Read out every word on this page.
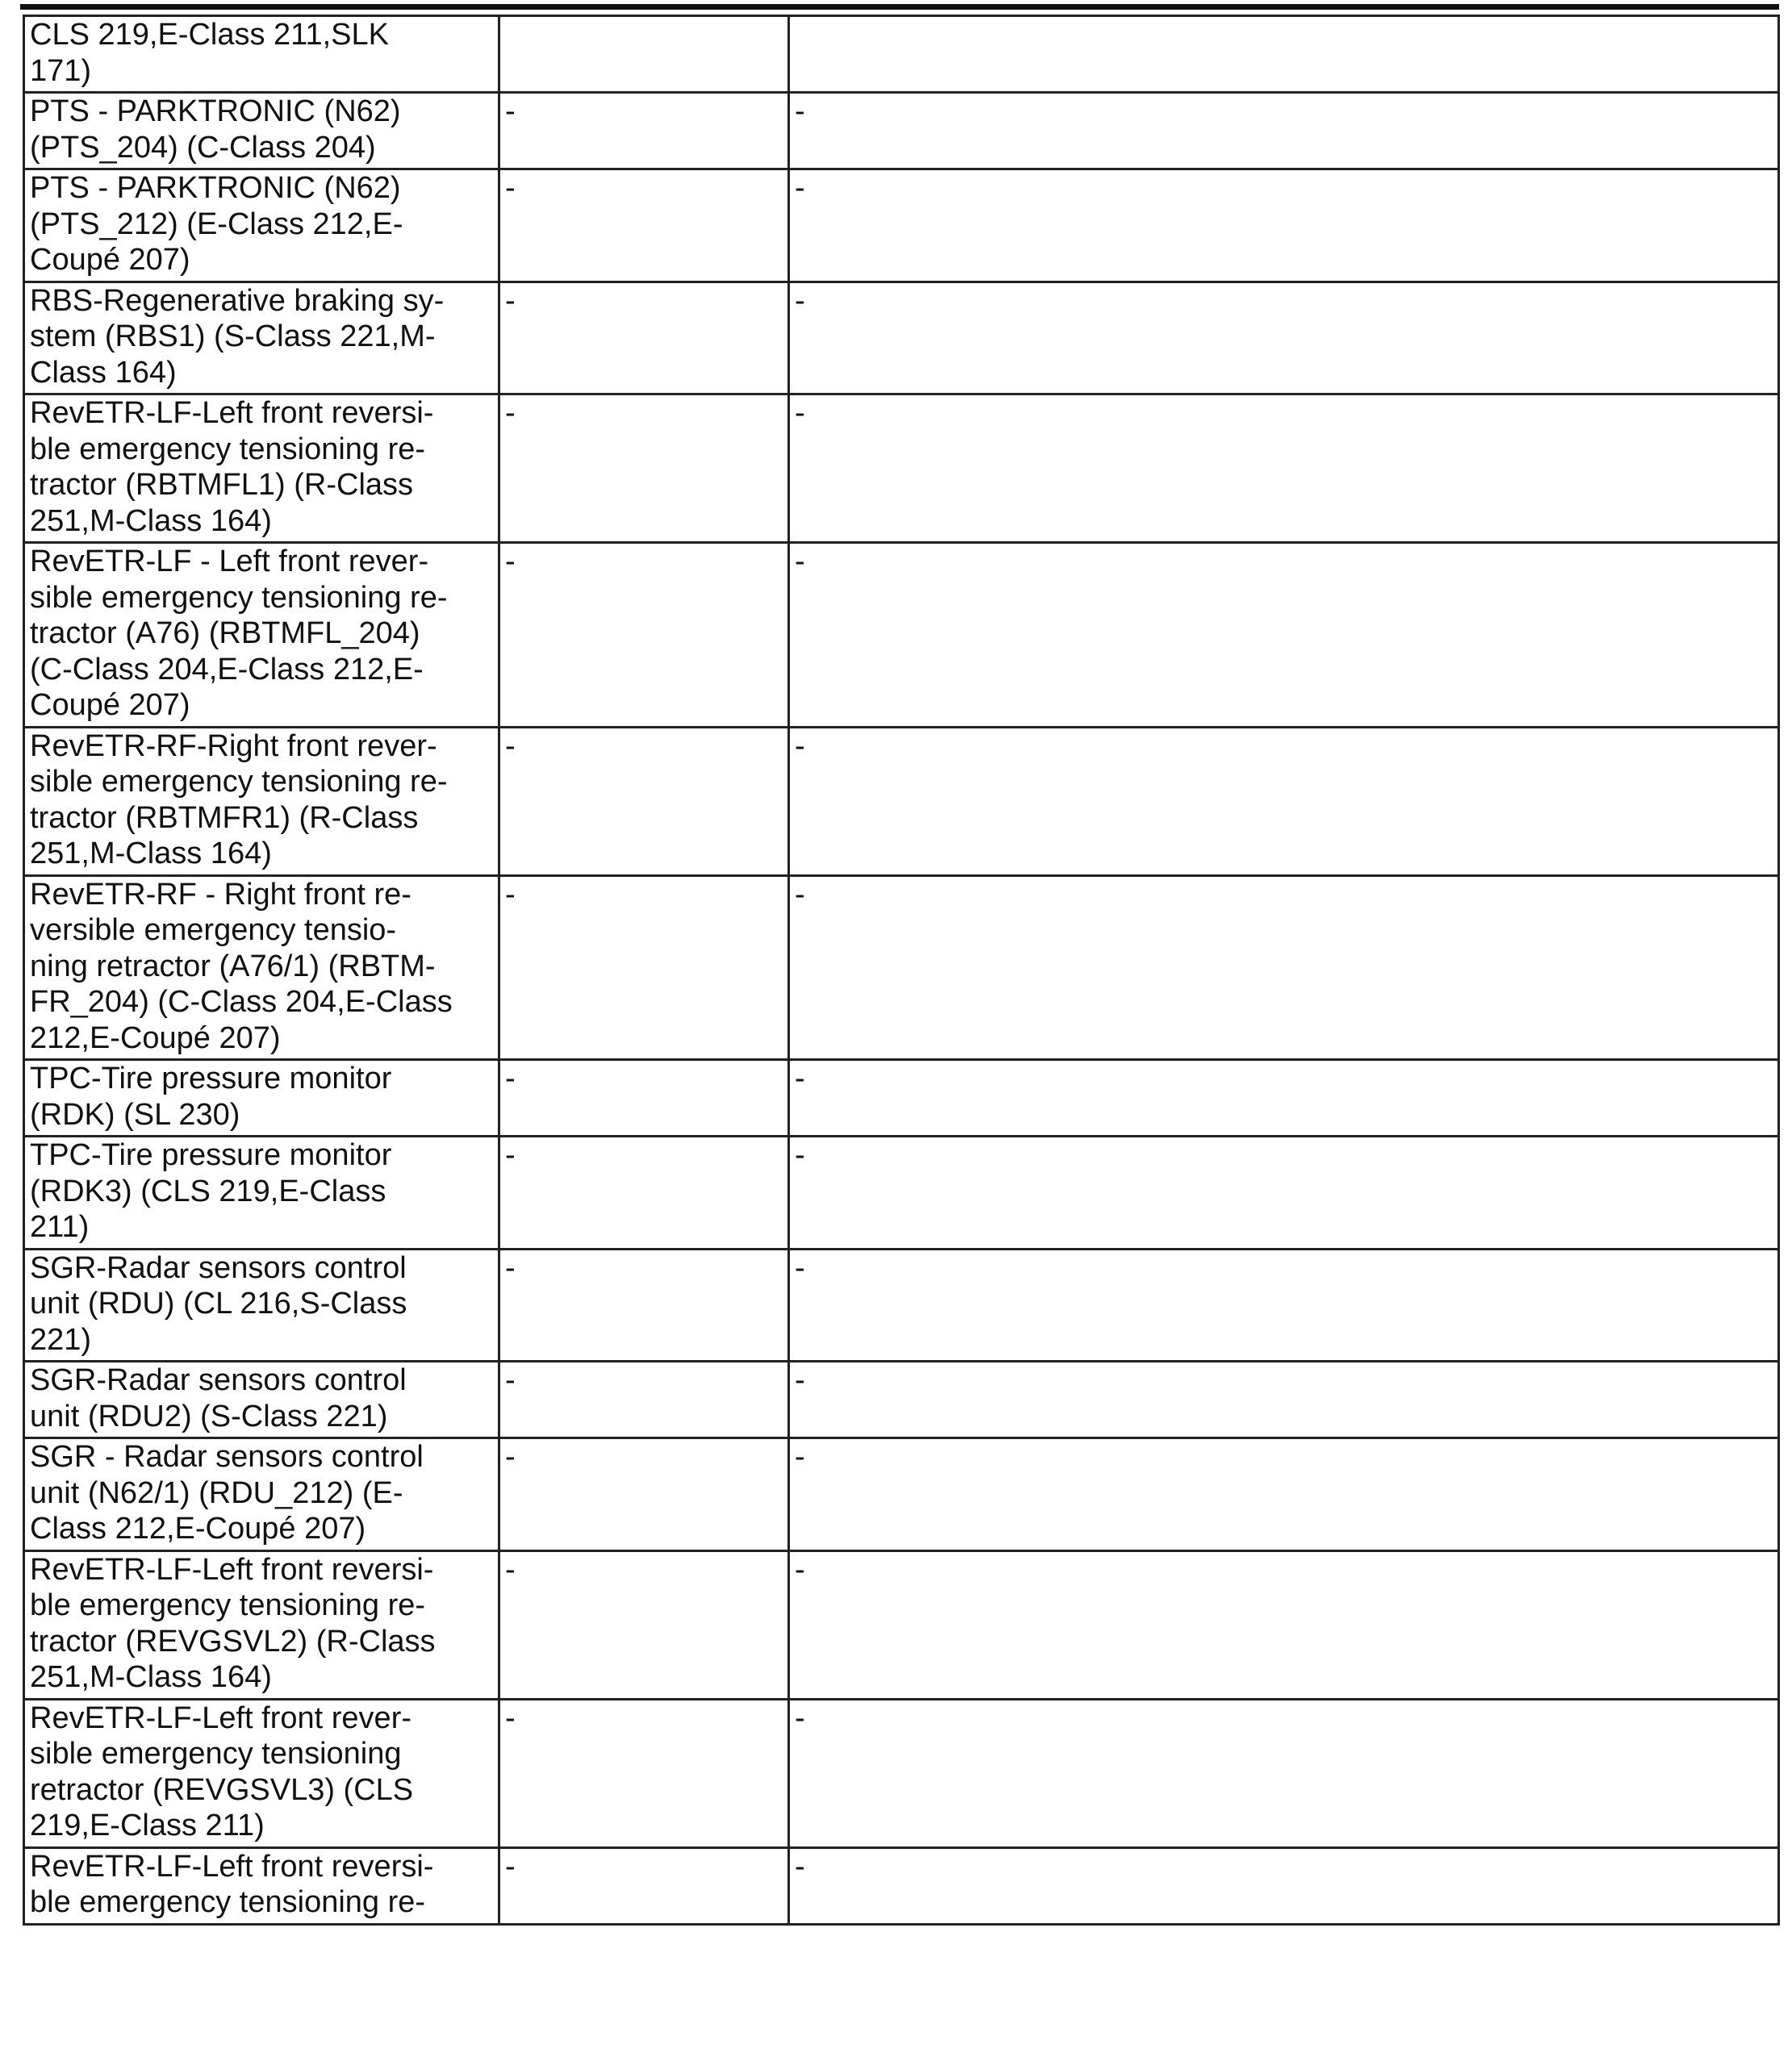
CLS 219,E-Class 211,SLK
171)		

PTS - PARKTRONIC (N62)
(PTS_204) (C-Class 204)	-	-

PTS - PARKTRONIC (N62)
(PTS_212) (E-Class 212,E-
Coupé 207)	-	-

RBS-Regenerative braking sy-
stem (RBS1) (S-Class 221,M-
Class 164)	-	-

RevETR-LF-Left front reversi-
ble emergency tensioning re-
tractor (RBTMFL1) (R-Class
251,M-Class 164)	-	-

RevETR-LF - Left front rever-
sible emergency tensioning re-
tractor (A76) (RBTMFL_204)
(C-Class 204,E-Class 212,E-
Coupé 207)	-	-

RevETR-RF-Right front rever-
sible emergency tensioning re-
tractor (RBTMFR1) (R-Class
251,M-Class 164)	-	-

RevETR-RF - Right front re-
versible emergency tensio-
ning retractor (A76/1) (RBTM-
FR_204) (C-Class 204,E-Class
212,E-Coupé 207)	-	-

TPC-Tire pressure monitor
(RDK) (SL 230)	-	-

TPC-Tire pressure monitor
(RDK3) (CLS 219,E-Class
211)	-	-

SGR-Radar sensors control
unit (RDU) (CL 216,S-Class
221)	-	-

SGR-Radar sensors control
unit (RDU2) (S-Class 221)	-	-

SGR - Radar sensors control
unit (N62/1) (RDU_212) (E-
Class 212,E-Coupé 207)	-	-

RevETR-LF-Left front reversi-
ble emergency tensioning re-
tractor (REVGSVL2) (R-Class
251,M-Class 164)	-	-

RevETR-LF-Left front rever-
sible emergency tensioning
retractor (REVGSVL3) (CLS
219,E-Class 211)	-	-

RevETR-LF-Left front reversi-
ble emergency tensioning re-	-	-
